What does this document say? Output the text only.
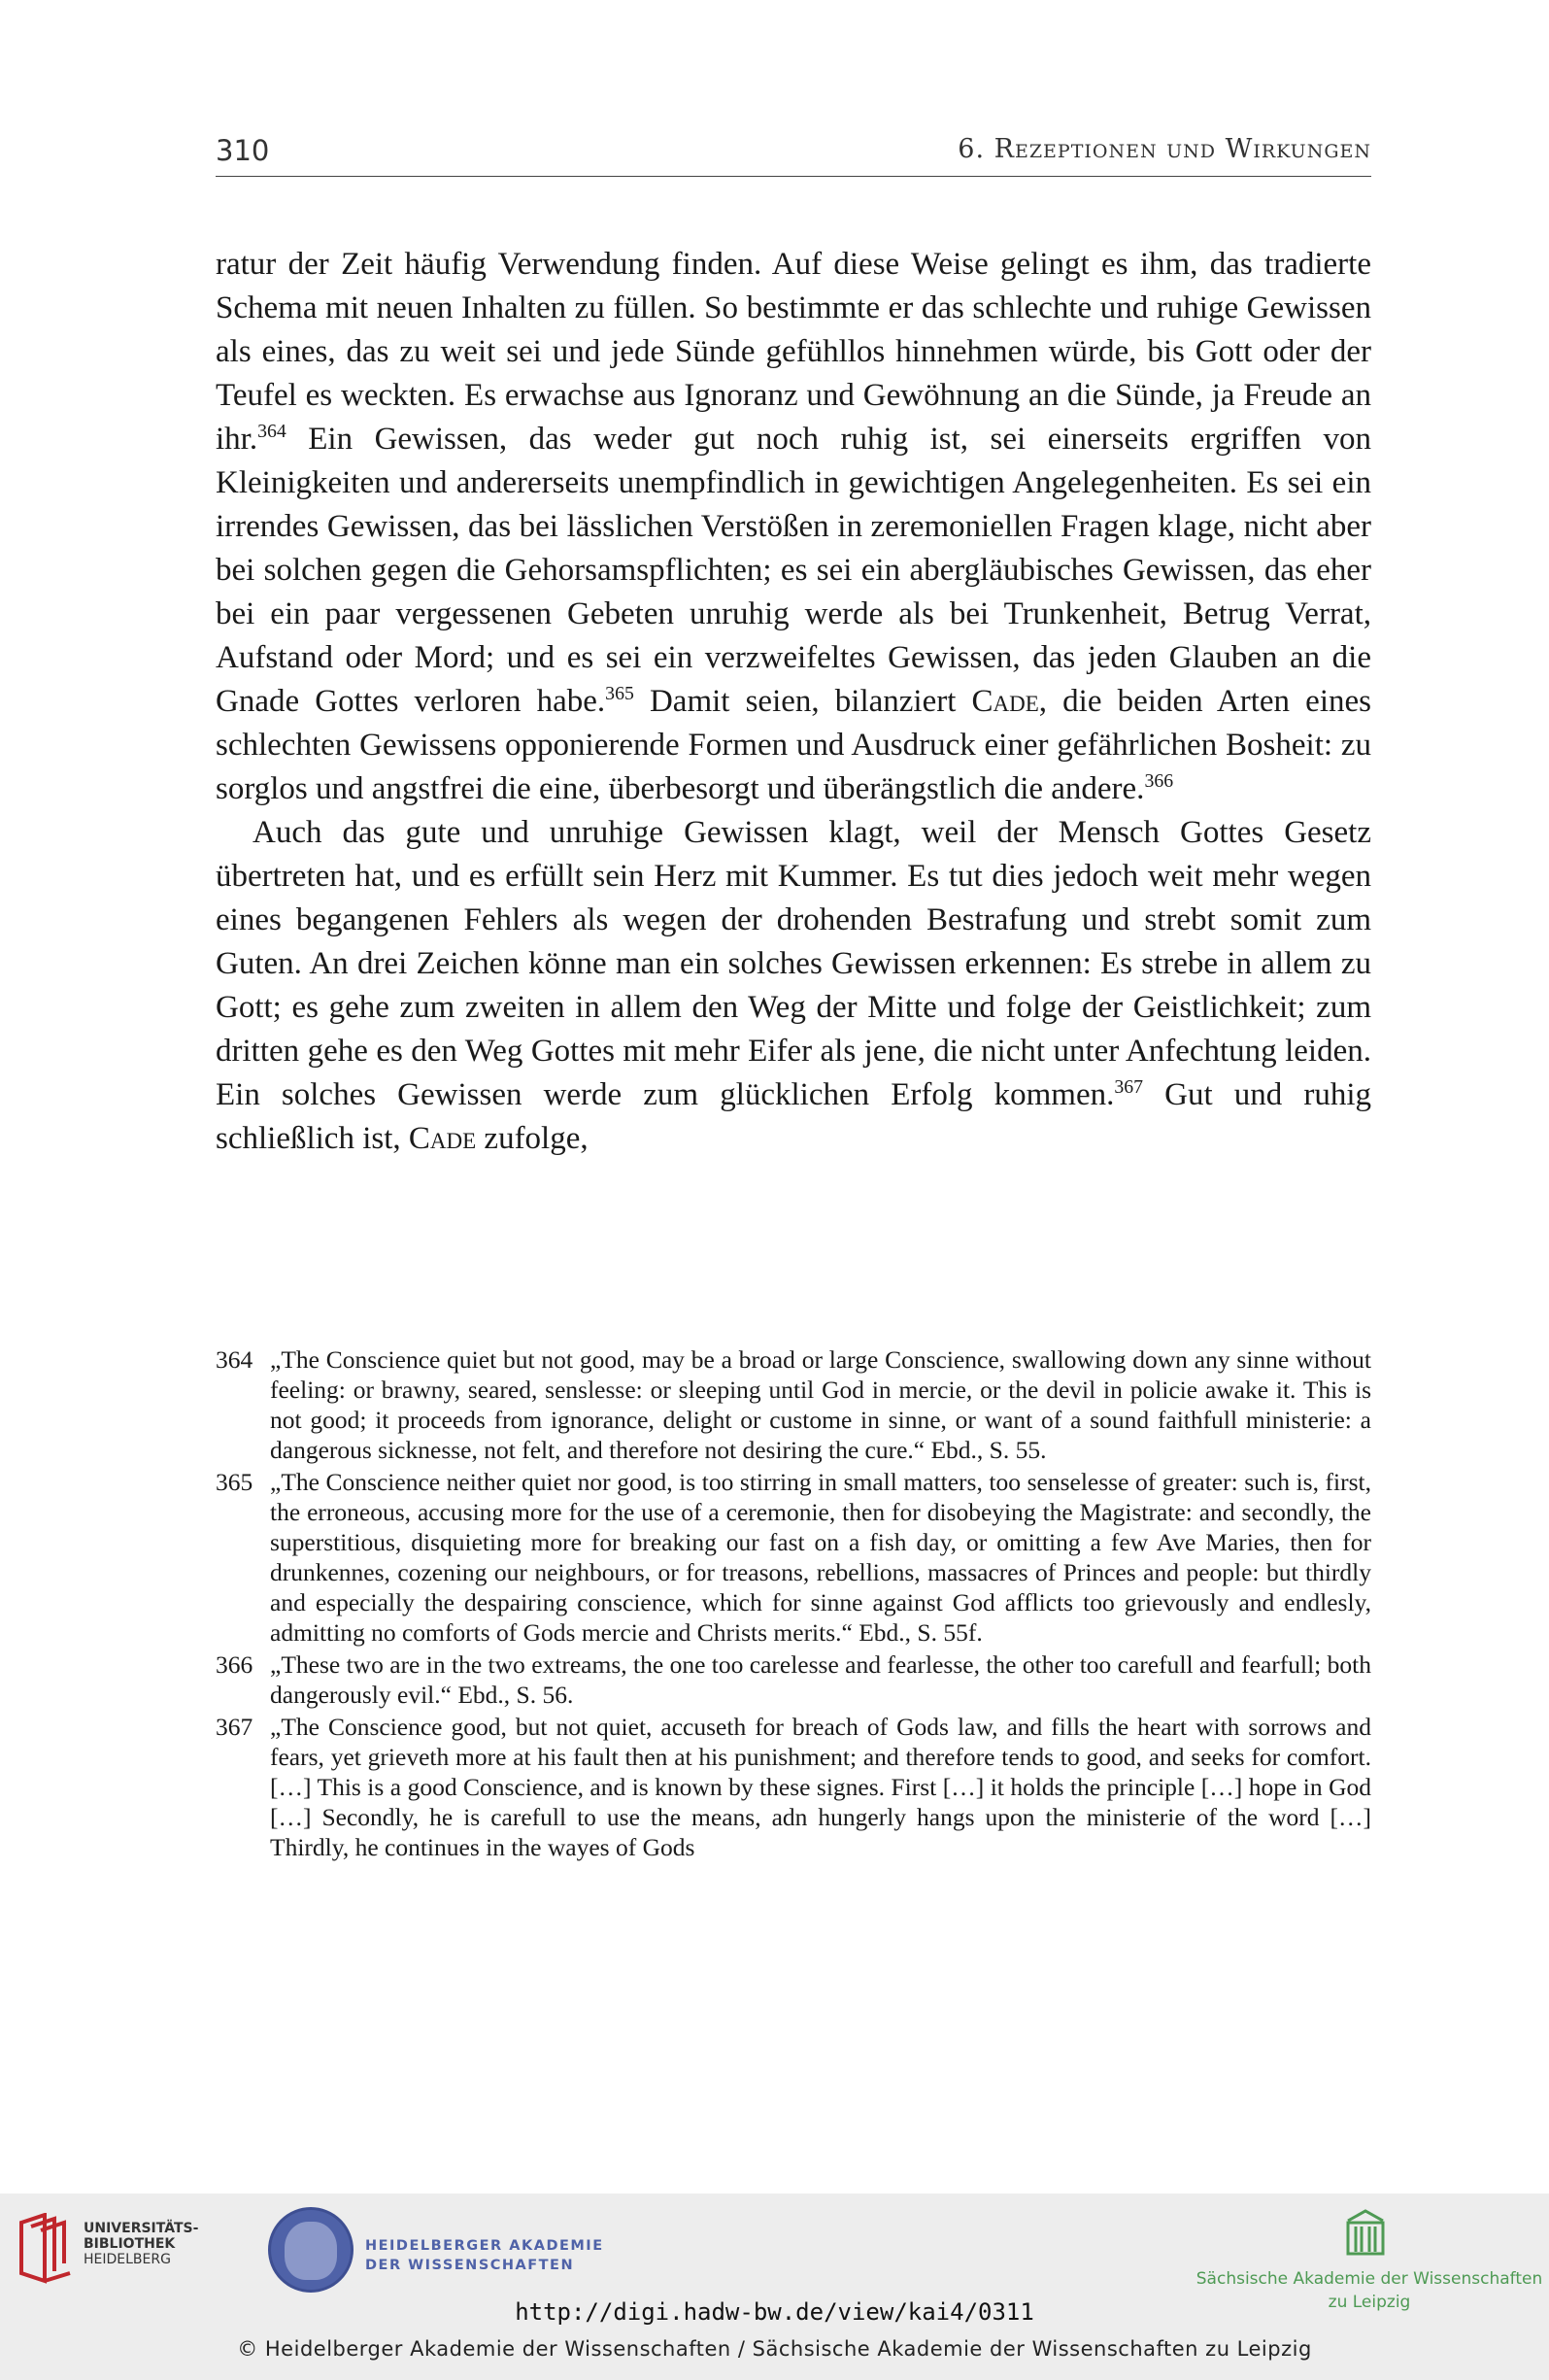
310	6. Rezeptionen und Wirkungen

ratur der Zeit häufig Verwendung finden. Auf diese Weise gelingt es ihm, das tradierte Schema mit neuen Inhalten zu füllen. So bestimmte er das schlechte und ruhige Gewissen als eines, das zu weit sei und jede Sünde gefühllos hinnehmen würde, bis Gott oder der Teufel es weckten. Es erwachse aus Ignoranz und Gewöhnung an die Sünde, ja Freude an ihr.$^{364}$ Ein Gewissen, das weder gut noch ruhig ist, sei einerseits ergriffen von Kleinigkeiten und andererseits unempfindlich in gewichtigen Angelegenheiten. Es sei ein irrendes Gewissen, das bei lässlichen Verstößen in zeremoniellen Fragen klage, nicht aber bei solchen gegen die Gehorsamspflichten; es sei ein abergläubisches Gewissen, das eher bei ein paar vergessenen Gebeten unruhig werde als bei Trunkenheit, Betrug Verrat, Aufstand oder Mord; und es sei ein verzweifeltes Gewissen, das jeden Glauben an die Gnade Gottes verloren habe.$^{365}$ Damit seien, bilanziert Cade, die beiden Arten eines schlechten Gewissens opponierende Formen und Ausdruck einer gefährlichen Bosheit: zu sorglos und angstfrei die eine, überbesorgt und überängstlich die andere.$^{366}$

Auch das gute und unruhige Gewissen klagt, weil der Mensch Gottes Gesetz übertreten hat, und es erfüllt sein Herz mit Kummer. Es tut dies jedoch weit mehr wegen eines begangenen Fehlers als wegen der drohenden Bestrafung und strebt somit zum Guten. An drei Zeichen könne man ein solches Gewissen erkennen: Es strebe in allem zu Gott; es gehe zum zweiten in allem den Weg der Mitte und folge der Geistlichkeit; zum dritten gehe es den Weg Gottes mit mehr Eifer als jene, die nicht unter Anfechtung leiden. Ein solches Gewissen werde zum glücklichen Erfolg kommen.$^{367}$ Gut und ruhig schließlich ist, Cade zufolge,

364 „The Conscience quiet but not good, may be a broad or large Conscience, swallowing down any sinne without feeling: or brawny, seared, senslesse: or sleeping until God in mercie, or the devil in policie awake it. This is not good; it proceeds from ignorance, delight or custome in sinne, or want of a sound faithfull ministerie: a dangerous sicknesse, not felt, and therefore not desiring the cure.“ Ebd., S. 55.
365 „The Conscience neither quiet nor good, is too stirring in small matters, too senselesse of greater: such is, first, the erroneous, accusing more for the use of a ceremonie, then for disobeying the Magistrate: and secondly, the superstitious, disquieting more for breaking our fast on a fish day, or omitting a few Ave Maries, then for drunkennes, cozening our neighbours, or for treasons, rebellions, massacres of Princes and people: but thirdly and especially the despairing conscience, which for sinne against God afflicts too grievously and endlesly, admitting no comforts of Gods mercie and Christs merits.“ Ebd., S. 55f.
366 „These two are in the two extreams, the one too carelesse and fearlesse, the other too carefull and fearfull; both dangerously evil.“ Ebd., S. 56.
367 „The Conscience good, but not quiet, accuseth for breach of Gods law, and fills the heart with sorrows and fears, yet grieveth more at his fault then at his punishment; and therefore tends to good, and seeks for comfort. […] This is a good Conscience, and is known by these signes. First […] it holds the principle […] hope in God […] Secondly, he is carefull to use the means, adn hungerly hangs upon the ministerie of the word […] Thirdly, he continues in the wayes of Gods
UNIVERSITÄTS-
BIBLIOTHEK
HEIDELBERG
HEIDELBERGER AKADEMIE
DER WISSENSCHAFTEN
Sächsische Akademie der Wissenschaften
zu Leipzig
http://digi.hadw-bw.de/view/kai4/0311
© Heidelberger Akademie der Wissenschaften / Sächsische Akademie der Wissenschaften zu Leipzig
